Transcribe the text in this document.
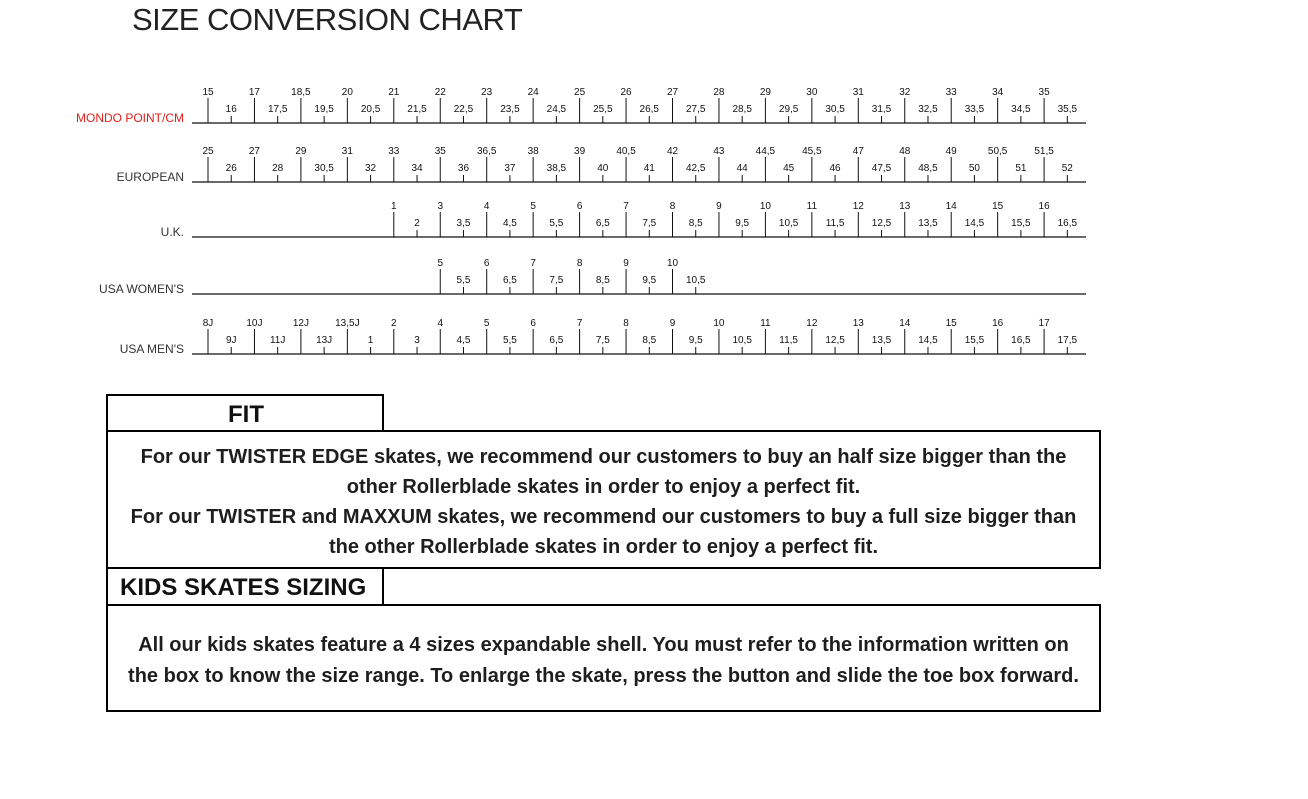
SIZE CONVERSION CHART
MONDO POINT/CM
15	17	18,5	20	21	22	23	24	25	26	27	28	29	30	31	32	33	34	35
16	17,5	19,5	20,5	21,5	22,5	23,5	24,5	25,5	26,5	27,5	28,5	29,5	30,5	31,5	32,5	33,5	34,5	35,5
EUROPEAN
25	27	29	31	33	35	36,5	38	39	40,5	42	43	44,5	45,5	47	48	49	50,5	51,5
26	28	30,5	32	34	36	37	38,5	40	41	42,5	44	45	46	47,5	48,5	50	51	52
U.K.
1	3	4	5	6	7	8	9	10	11	12	13	14	15	16
2	3,5	4,5	5,5	6,5	7,5	8,5	9,5	10,5	11,5	12,5	13,5	14,5	15,5	16,5
USA WOMEN'S
5	6	7	8	9	10
5,5	6,5	7,5	8,5	9,5	10,5
USA MEN'S
8J	10J	12J	13,5J	2	4	5	6	7	8	9	10	11	12	13	14	15	16	17
9J	11J	13J	1	3	4,5	5,5	6,5	7,5	8,5	9,5	10,5	11,5	12,5	13,5	14,5	15,5	16,5	17,5
FIT
For our TWISTER EDGE skates, we recommend our customers to buy an half size bigger than the
other Rollerblade skates in order to enjoy a perfect fit.
For our TWISTER and MAXXUM skates, we recommend our customers to buy a full size bigger than
the other Rollerblade skates in order to enjoy a perfect fit.
KIDS SKATES SIZING
All our kids skates feature a 4 sizes expandable shell. You must refer to the information written on
the box to know the size range. To enlarge the skate, press the button and slide the toe box forward.
